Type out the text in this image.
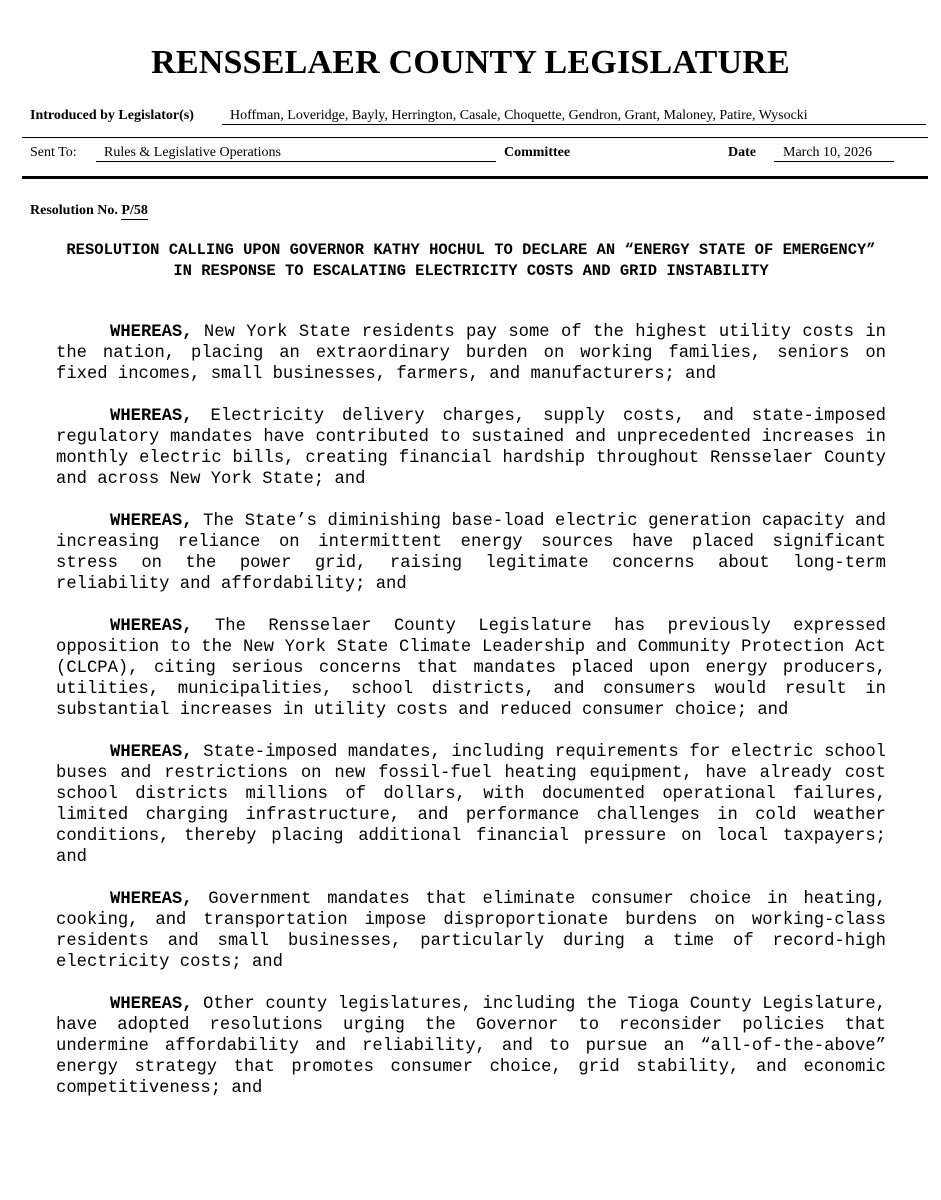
RENSSELAER COUNTY LEGISLATURE
Introduced by Legislator(s)	Hoffman, Loveridge, Bayly, Herrington, Casale, Choquette, Gendron, Grant, Maloney, Patire, Wysocki
Sent To:	Rules & Legislative Operations	Committee	Date	March 10, 2026
Resolution No. P/58

RESOLUTION CALLING UPON GOVERNOR KATHY HOCHUL TO DECLARE AN “ENERGY STATE OF EMERGENCY” IN RESPONSE TO ESCALATING ELECTRICITY COSTS AND GRID INSTABILITY

WHEREAS, New York State residents pay some of the highest utility costs in the nation, placing an extraordinary burden on working families, seniors on fixed incomes, small businesses, farmers, and manufacturers; and

WHEREAS, Electricity delivery charges, supply costs, and state-imposed regulatory mandates have contributed to sustained and unprecedented increases in monthly electric bills, creating financial hardship throughout Rensselaer County and across New York State; and

WHEREAS, The State’s diminishing base-load electric generation capacity and increasing reliance on intermittent energy sources have placed significant stress on the power grid, raising legitimate concerns about long-term reliability and affordability; and

WHEREAS, The Rensselaer County Legislature has previously expressed opposition to the New York State Climate Leadership and Community Protection Act (CLCPA), citing serious concerns that mandates placed upon energy producers, utilities, municipalities, school districts, and consumers would result in substantial increases in utility costs and reduced consumer choice; and

WHEREAS, State-imposed mandates, including requirements for electric school buses and restrictions on new fossil-fuel heating equipment, have already cost school districts millions of dollars, with documented operational failures, limited charging infrastructure, and performance challenges in cold weather conditions, thereby placing additional financial pressure on local taxpayers; and

WHEREAS, Government mandates that eliminate consumer choice in heating, cooking, and transportation impose disproportionate burdens on working-class residents and small businesses, particularly during a time of record-high electricity costs; and

WHEREAS, Other county legislatures, including the Tioga County Legislature, have adopted resolutions urging the Governor to reconsider policies that undermine affordability and reliability, and to pursue an “all-of-the-above” energy strategy that promotes consumer choice, grid stability, and economic competitiveness; and
